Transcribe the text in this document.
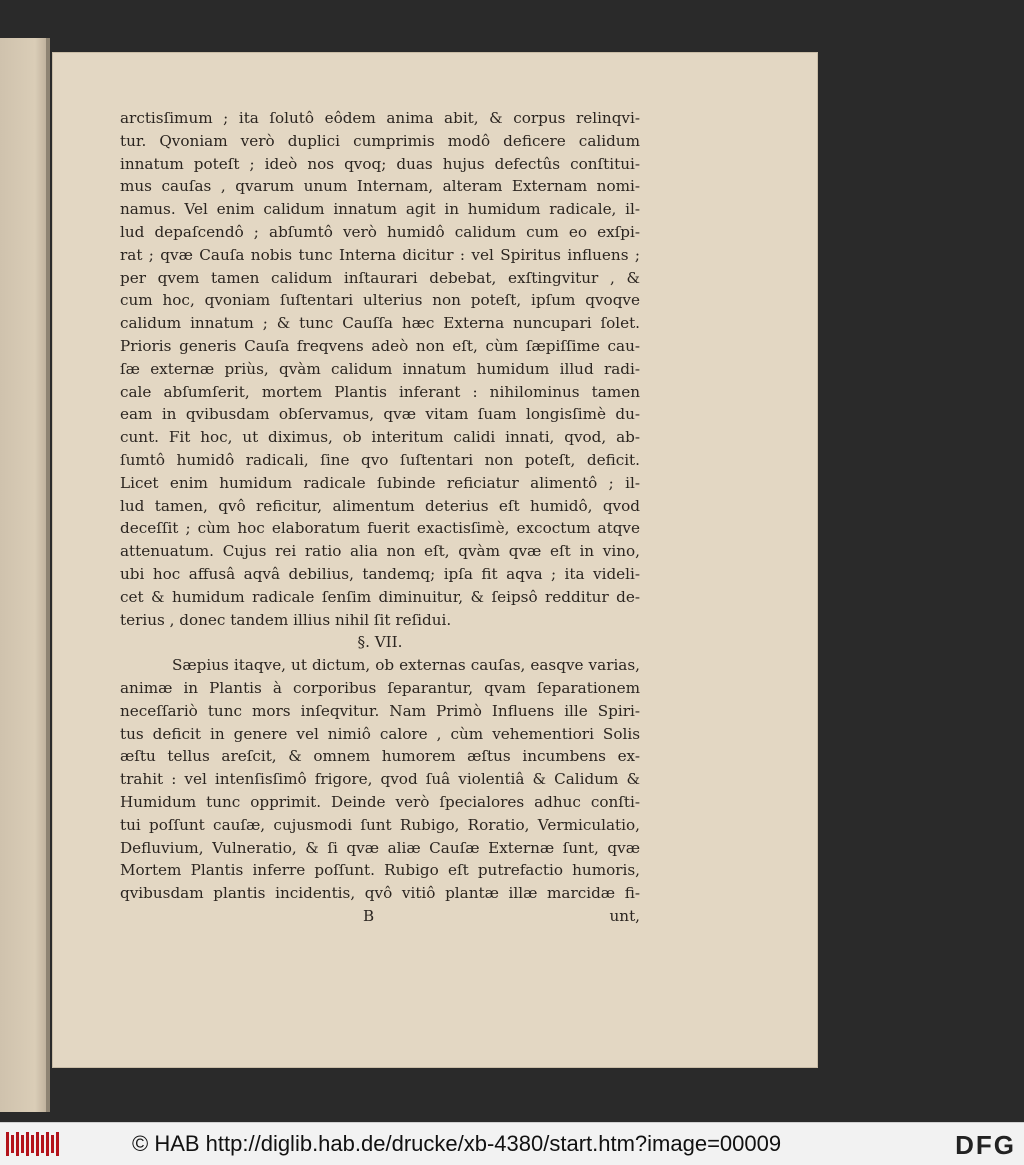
arctisſimum ; ita ſolutô eôdem anima abit, & corpus relinqvi-
tur. Qvoniam verò duplici cumprimis modô deficere calidum
innatum poteſt ; ideò nos qvoq; duas hujus defectûs conſtitui-
mus cauſas , qvarum unum Internam, alteram Externam nomi-
namus. Vel enim calidum innatum agit in humidum radicale, il-
lud depaſcendô ; abſumtô verò humidô calidum cum eo exſpi-
rat ; qvæ Cauſa nobis tunc Interna dicitur : vel Spiritus influens ;
per qvem tamen calidum inſtaurari debebat, exſtingvitur , &
cum hoc, qvoniam ſuſtentari ulterius non poteſt, ipſum qvoqve
calidum innatum ; & tunc Cauſſa hæc Externa nuncupari ſolet.
Prioris generis Cauſa freqvens adeò non eſt, cùm ſæpiſſime cau-
ſæ externæ priùs, qvàm calidum innatum humidum illud radi-
cale abſumſerit, mortem Plantis inferant : nihilominus tamen
eam in qvibusdam obſervamus, qvæ vitam ſuam longisſimè du-
cunt. Fit hoc, ut diximus, ob interitum calidi innati, qvod, ab-
ſumtô humidô radicali, ſine qvo ſuſtentari non poteſt, deficit.
Licet enim humidum radicale ſubinde reficiatur alimentô ; il-
lud tamen, qvô reficitur, alimentum deterius eſt humidô, qvod
deceſſit ; cùm hoc elaboratum fuerit exactisſimè, excoctum atqve
attenuatum. Cujus rei ratio alia non eſt, qvàm qvæ eſt in vino,
ubi hoc affusâ aqvâ debilius, tandemq; ipſa fit aqva ; ita videli-
cet & humidum radicale ſenſim diminuitur, & ſeipsô redditur de-
terius , donec tandem illius nihil ſit reſidui.
§. VII.
Sæpius itaqve, ut dictum, ob externas cauſas, easqve varias,
animæ in Plantis à corporibus ſeparantur, qvam ſeparationem
neceſſariò tunc mors inſeqvitur. Nam Primò Influens ille Spiri-
tus deficit in genere vel nimiô calore , cùm vehementiori Solis
æſtu tellus areſcit, & omnem humorem æſtus incumbens ex-
trahit : vel intenſisſimô frigore, qvod ſuâ violentiâ & Calidum &
Humidum tunc opprimit. Deinde verò ſpecialores adhuc conſti-
tui poſſunt cauſæ, cujusmodi ſunt Rubigo, Roratio, Vermiculatio,
Defluvium, Vulneratio, & ſi qvæ aliæ Cauſæ Externæ ſunt, qvæ
Mortem Plantis inferre poſſunt. Rubigo eſt putrefactio humoris,
qvibusdam plantis incidentis, qvô vitiô plantæ illæ marcidæ fi-
B	unt,
© HAB http://diglib.hab.de/drucke/xb-4380/start.htm?image=00009	DFG
